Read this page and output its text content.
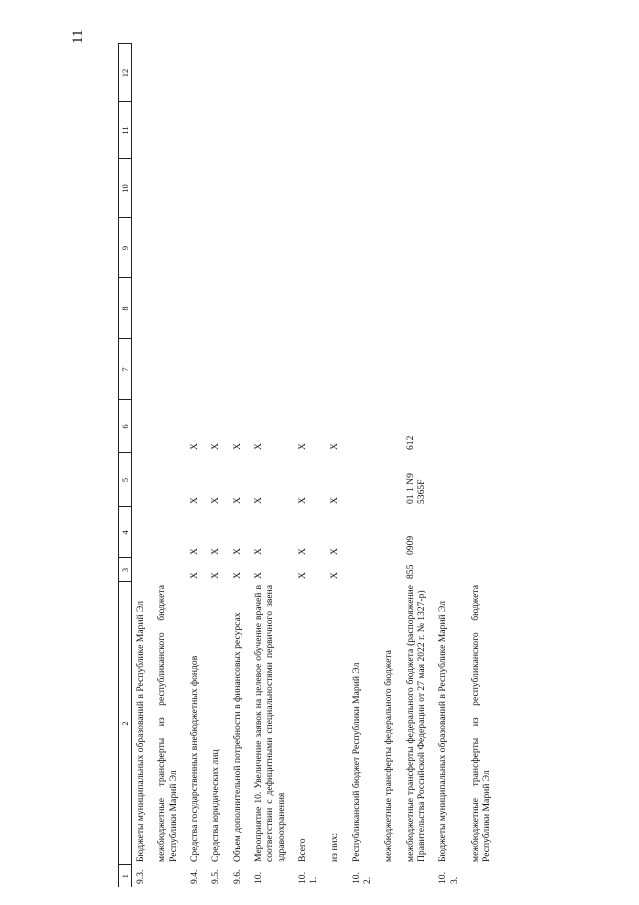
11
1	2	3	4	5	6	7	8	9	10	11	12
9.3.	Бюджеты муниципальных образований в Республике Марий Эл										
	межбюджетные трансферты из республиканского бюджета Республики Марий Эл										
9.4.	Средства государственных внебюджетных фондов	X	X	X	X						
9.5.	Средства юридических лиц	X	X	X	X						
9.6.	Объем дополнительной потребности в финансовых ресурсах	X	X	X	X						
10.	Мероприятие 10. Увеличение заявок на целевое обучение врачей в соответствии с дефицитными специальностями первичного звена здравоохранения	X	X	X	X						
10.1.	Всего	X	X	X	X						
	из них:	X	X	X	X						
10.2.	Республиканский бюджет Республики Марий Эл										
	межбюджетные трансферты федерального бюджета										
	межбюджетные трансферты федерального бюджета (распоряжение Правительства Российской Федерации от 27 мая 2022 г. № 1327-р)	855	0909	01 1 N9 5365F	612						
10.3.	Бюджеты муниципальных образований в Республике Марий Эл										
	межбюджетные трансферты из республиканского бюджета Республики Марий Эл										
